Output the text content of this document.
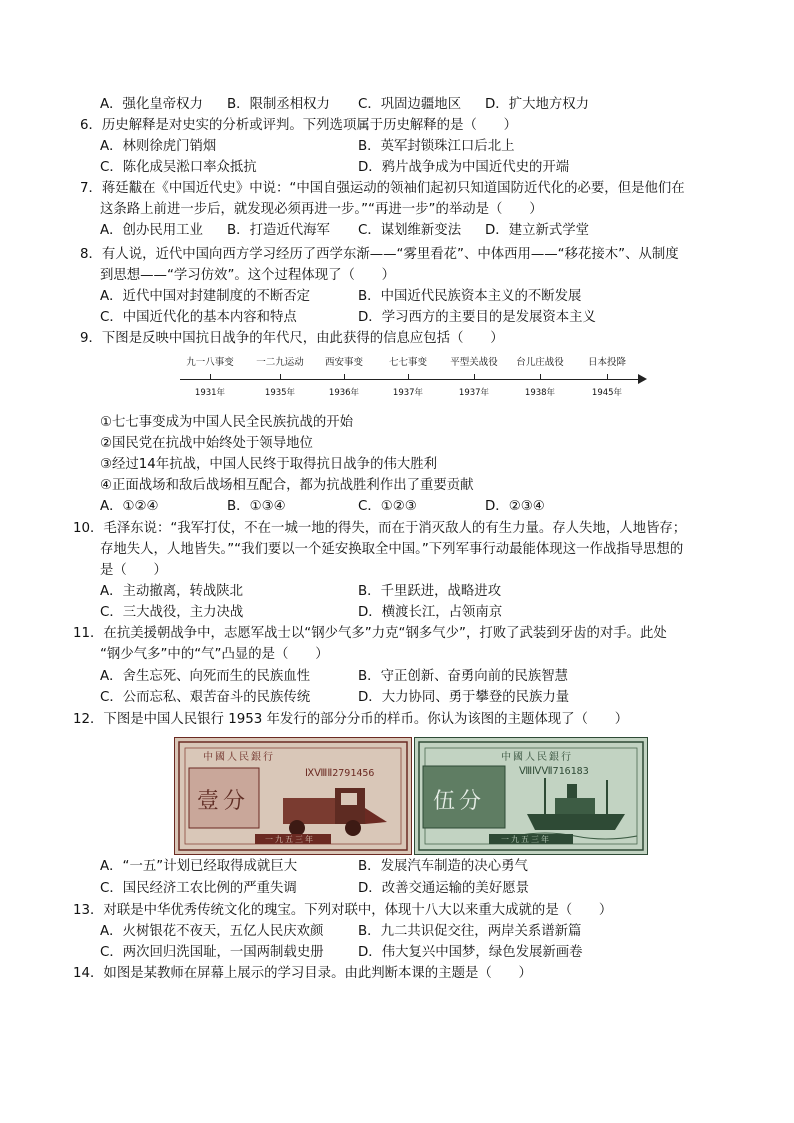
A．强化皇帝权力 B．限制丞相权力 C．巩固边疆地区 D．扩大地方权力
6．历史解释是对史实的分析或评判。下列选项属于历史解释的是（　　）
A．林则徐虎门销烟	B．英军封锁珠江口后北上
C．陈化成吴淞口率众抵抗	D．鸦片战争成为中国近代史的开端
7．蒋廷黻在《中国近代史》中说：“中国自强运动的领袖们起初只知道国防近代化的必要，但是他们在
这条路上前进一步后，就发现必须再进一步。”“再进一步”的举动是（　　）
A．创办民用工业 B．打造近代海军 C．谋划维新变法 D．建立新式学堂
8．有人说，近代中国向西方学习经历了西学东渐——“雾里看花”、中体西用——“移花接木”、从制度
到思想——“学习仿效”。这个过程体现了（　　）
A．近代中国对封建制度的不断否定	B．中国近代民族资本主义的不断发展
C．中国近代化的基本内容和特点	D．学习西方的主要目的是发展资本主义
9．下图是反映中国抗日战争的年代尺，由此获得的信息应包括（　　）
九一八事变 一二九运动 西安事变	七七事变 平型关战役 台儿庄战役	日本投降
1931年	1935年	1936年	1937年	1937年	1938年	1945年
①七七事变成为中国人民全民族抗战的开始
②国民党在抗战中始终处于领导地位
③经过14年抗战，中国人民终于取得抗日战争的伟大胜利
④正面战场和敌后战场相互配合，都为抗战胜利作出了重要贡献
A．①②④	B．①③④	C．①②③	D．②③④
10．毛泽东说：“我军打仗，不在一城一地的得失，而在于消灭敌人的有生力量。存人失地，人地皆存；
存地失人，人地皆失。”“我们要以一个延安换取全中国。”下列军事行动最能体现这一作战指导思想的
是（　　）
A．主动撤离，转战陕北	B．千里跃进，战略进攻
C．三大战役，主力决战	D．横渡长江，占领南京
11．在抗美援朝战争中，志愿军战士以“钢少气多”力克“钢多气少”，打败了武装到牙齿的对手。此处
“钢少气多”中的“气”凸显的是（　　）
A．舍生忘死、向死而生的民族血性	B．守正创新、奋勇向前的民族智慧
C．公而忘私、艰苦奋斗的民族传统	D．大力协同、勇于攀登的民族力量
12．下图是中国人民银行 1953 年发行的部分分币的样币。你认为该图的主题体现了（　　）
中國人民銀行
ⅨⅧⅡ2791456
壹分
一九五三年
中國人民銀行
ⅧⅣⅦ716183
伍分
一九五三年
A．“一五”计划已经取得成就巨大	B．发展汽车制造的决心勇气
C．国民经济工农比例的严重失调	D．改善交通运输的美好愿景
13．对联是中华优秀传统文化的瑰宝。下列对联中，体现十八大以来重大成就的是（　　）
A．火树银花不夜天，五亿人民庆欢颜	B．九二共识促交往，两岸关系谱新篇
C．两次回归洗国耻，一国两制载史册	D．伟大复兴中国梦，绿色发展新画卷
14．如图是某教师在屏幕上展示的学习目录。由此判断本课的主题是（　　）
